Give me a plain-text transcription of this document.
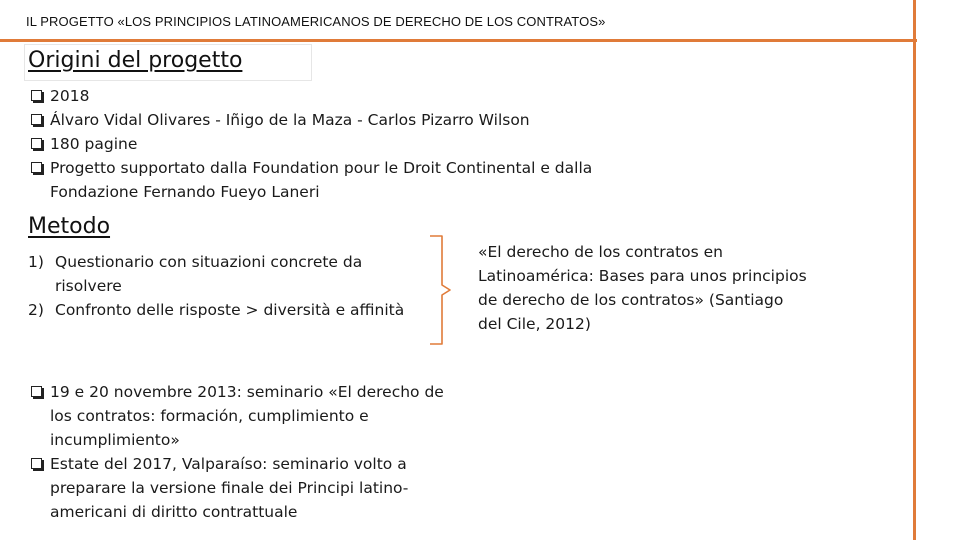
IL PROGETTO «LOS PRINCIPIOS LATINOAMERICANOS DE DERECHO DE LOS CONTRATOS»
Origini del progetto
2018
Álvaro Vidal Olivares - Iñigo de la Maza - Carlos Pizarro Wilson
180 pagine
Progetto supportato dalla Foundation pour le Droit Continental e dalla Fondazione Fernando Fueyo Laneri
Metodo
1) Questionario con situazioni concrete da risolvere
2) Confronto delle risposte > diversità e affinità
«El derecho de los contratos en Latinoamérica: Bases para unos principios de derecho de los contratos» (Santiago del Cile, 2012)
19 e 20 novembre 2013: seminario «El derecho de los contratos: formación, cumplimiento e incumplimiento»
Estate del 2017, Valparaíso: seminario volto a preparare la versione finale dei Principi latino-americani di diritto contrattuale
